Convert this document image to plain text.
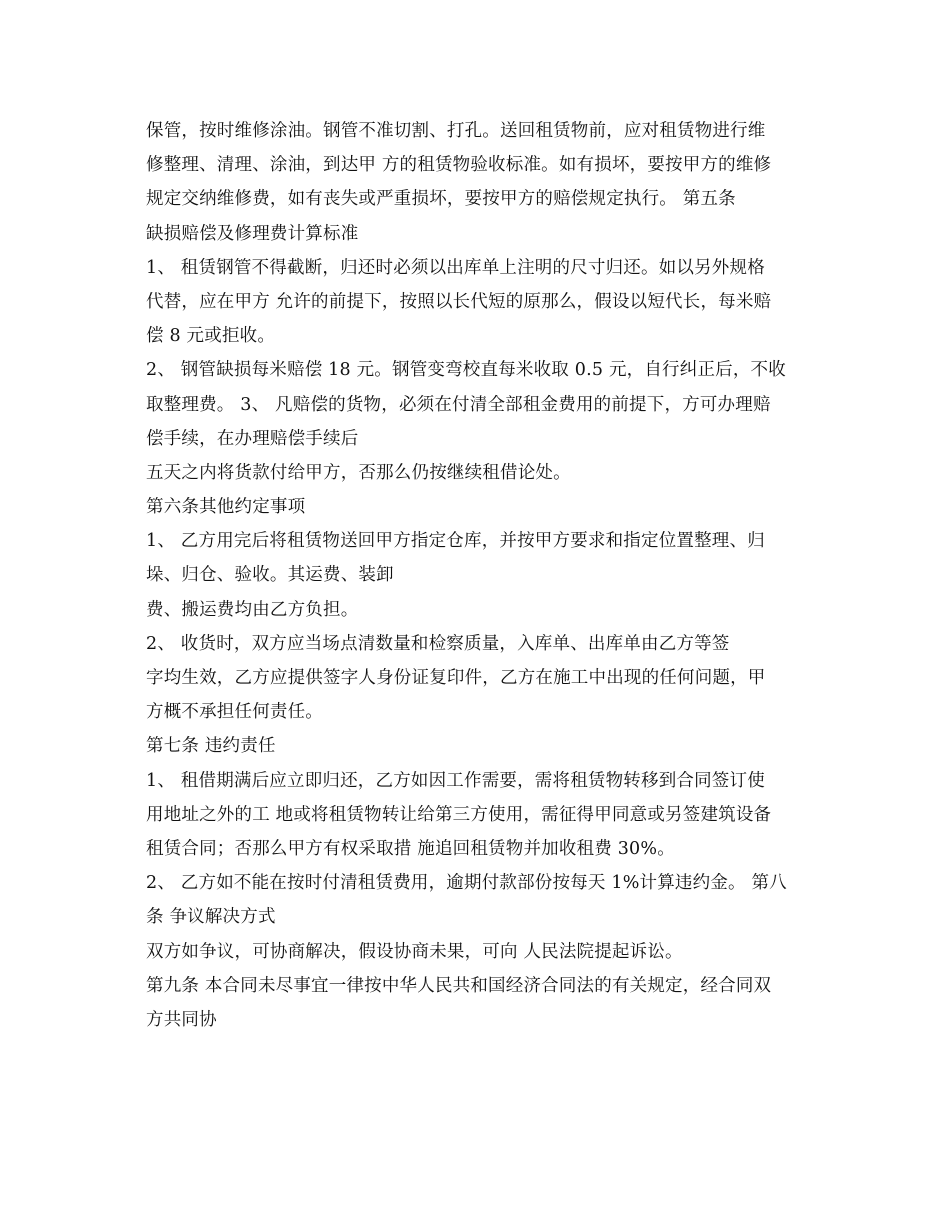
保管，按时维修涂油。钢管不准切割、打孔。送回租赁物前，应对租赁物进行维
修整理、清理、涂油，到达甲 方的租赁物验收标准。如有损坏，要按甲方的维修
规定交纳维修费，如有丧失或严重损坏，要按甲方的赔偿规定执行。 第五条
缺损赔偿及修理费计算标准
1、 租赁钢管不得截断，归还时必须以出库单上注明的尺寸归还。如以另外规格
代替，应在甲方 允许的前提下，按照以长代短的原那么，假设以短代长，每米赔
偿 8 元或拒收。
2、 钢管缺损每米赔偿 18 元。钢管变弯校直每米收取 0.5 元，自行纠正后，不收
取整理费。 3、 凡赔偿的货物，必须在付清全部租金费用的前提下，方可办理赔
偿手续，在办理赔偿手续后
五天之内将货款付给甲方，否那么仍按继续租借论处。
第六条其他约定事项
1、 乙方用完后将租赁物送回甲方指定仓库，并按甲方要求和指定位置整理、归
垛、归仓、验收。其运费、装卸
费、搬运费均由乙方负担。
2、 收货时，双方应当场点清数量和检察质量，入库单、出库单由乙方等签
字均生效，乙方应提供签字人身份证复印件，乙方在施工中出现的任何问题，甲
方概不承担任何责任。
第七条 违约责任
1、 租借期满后应立即归还，乙方如因工作需要，需将租赁物转移到合同签订使
用地址之外的工 地或将租赁物转让给第三方使用，需征得甲同意或另签建筑设备
租赁合同；否那么甲方有权采取措 施追回租赁物并加收租费 30%。
2、 乙方如不能在按时付清租赁费用，逾期付款部份按每天 1%计算违约金。 第八
条 争议解决方式
双方如争议，可协商解决，假设协商未果，可向 人民法院提起诉讼。
第九条 本合同未尽事宜一律按中华人民共和国经济合同法的有关规定，经合同双
方共同协
